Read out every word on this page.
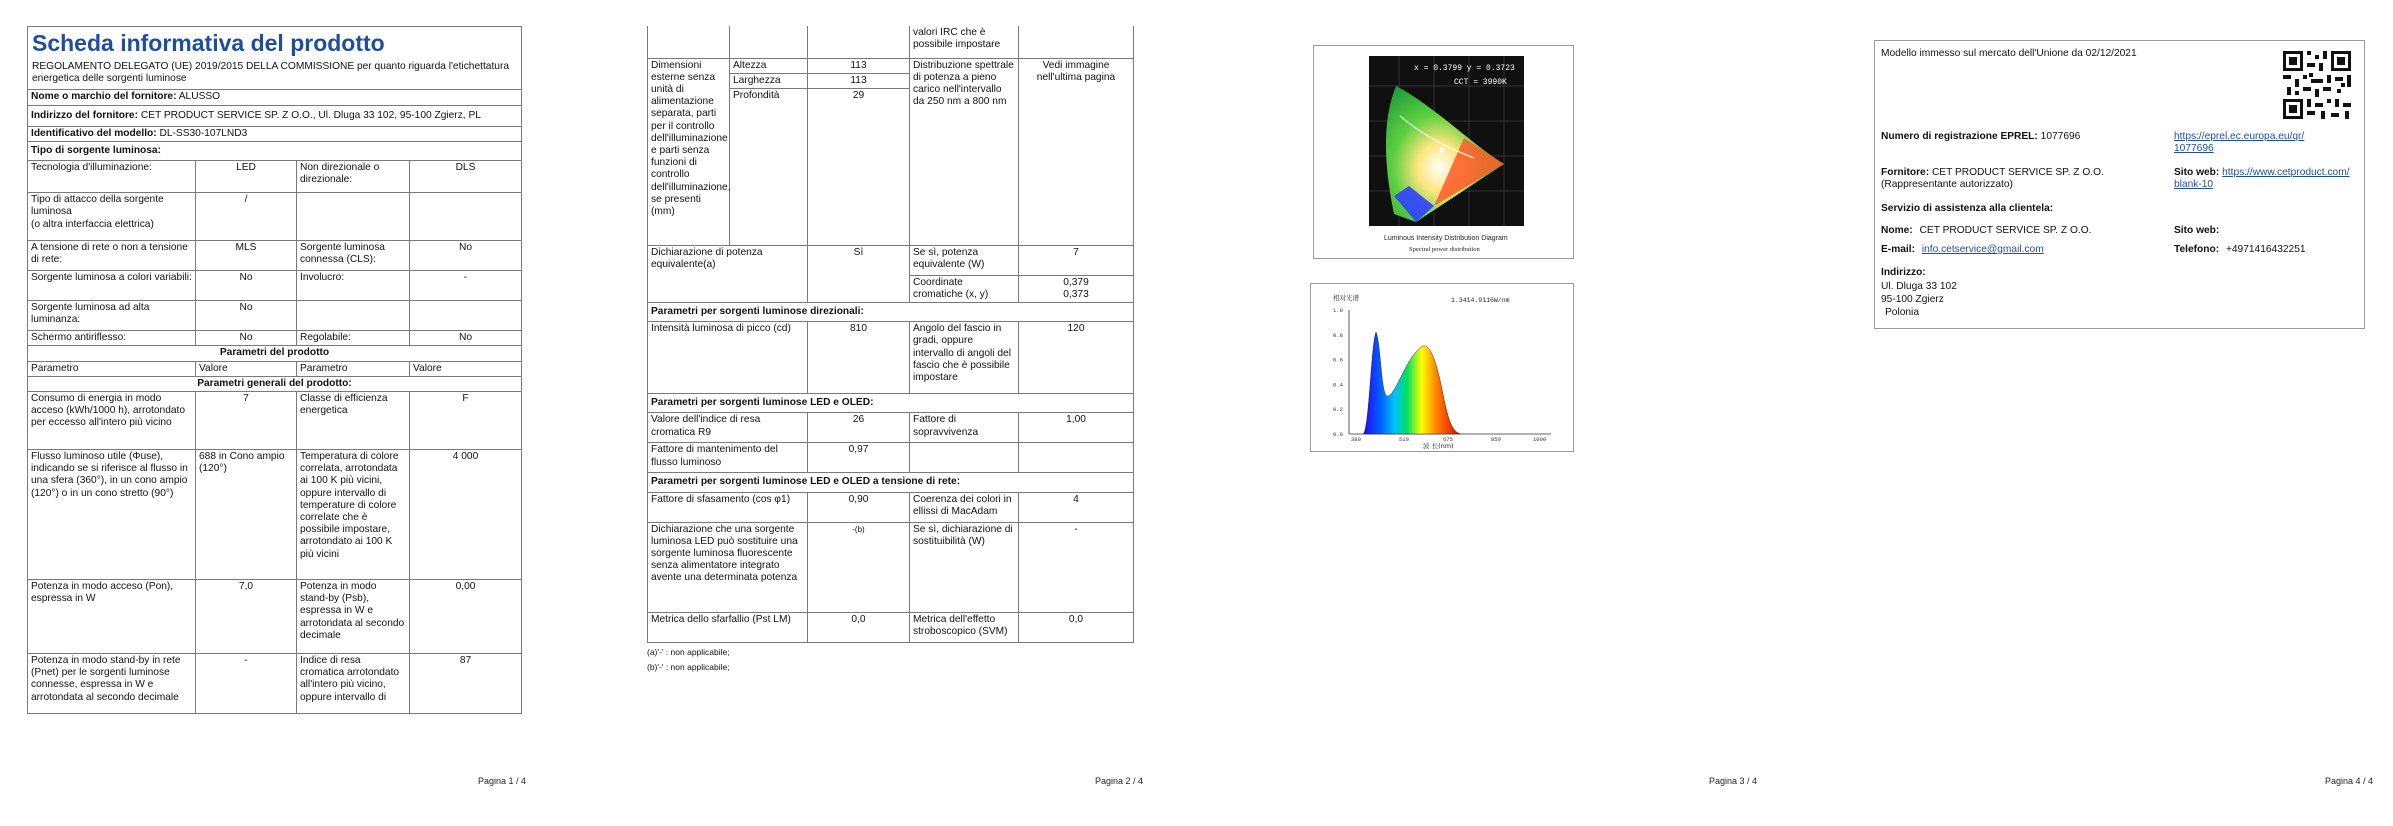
Scheda informativa del prodotto
REGOLAMENTO DELEGATO (UE) 2019/2015 DELLA COMMISSIONE per quanto riguarda l'etichettatura energetica delle sorgenti luminose			

Nome o marchio del fornitore: ALUSSO			
Indirizzo del fornitore: CET PRODUCT SERVICE SP. Z O.O., Ul. Dluga 33 102, 95-100 Zgierz, PL			
Identificativo del modello: DL-SS30-107LND3			
Tipo di sorgente luminosa:			
Tecnologia d'illuminazione:	LED	Non direzionale o direzionale:	DLS
Tipo di attacco della sorgente luminosa
(o altra interfaccia elettrica)	/		
A tensione di rete o non a tensione di rete:	MLS	Sorgente luminosa connessa (CLS):	No
Sorgente luminosa a colori variabili:	No	Involucro:	-
Sorgente luminosa ad alta luminanza:	No		
Schermo antiriflesso:	No	Regolabile:	No
Parametri del prodotto			
Parametro	Valore	Parametro	Valore
Parametri generali del prodotto:			
Consumo di energia in modo acceso (kWh/1000 h), arrotondato per eccesso all'intero più vicino	7	Classe di efficienza energetica	F
Flusso luminoso utile (Φuse), indicando se si riferisce al flusso in una sfera (360°), in un cono ampio (120°) o in un cono stretto (90°)	688 in Cono ampio (120°)	Temperatura di colore correlata, arrotondata ai 100 K più vicini, oppure intervallo di temperature di colore correlate che è possibile impostare, arrotondato ai 100 K più vicini	4 000
Potenza in modo acceso (Pon), espressa in W	7,0	Potenza in modo stand-by (Psb), espressa in W e arrotondata al secondo decimale	0,00
Potenza in modo stand-by in rete (Pnet) per le sorgenti luminose connesse, espressa in W e arrotondata al secondo decimale	-	Indice di resa cromatica arrotondato all'intero più vicino, oppure intervallo di	87
Pagina 1 / 4
			valori IRC che è possibile impostare	
Dimensioni esterne senza unità di alimentazione separata, parti per il controllo dell'illuminazione e parti senza funzioni di controllo dell'illuminazione, se presenti (mm)	Altezza	113	Distribuzione spettrale di potenza a pieno carico nell'intervallo da 250 nm a 800 nm	Vedi immagine nell'ultima pagina
	Larghezza	113		
	Profondità	29		
Dichiarazione di potenza equivalente(a)		Sì	Se sì, potenza equivalente (W)	7
			Coordinate cromatiche (x, y)	0,379
0,373

Parametri per sorgenti luminose direzionali:				
Intensità luminosa di picco (cd)		810	Angolo del fascio in gradi, oppure intervallo di angoli del fascio che è possibile impostare	120
Parametri per sorgenti luminose LED e OLED:				
Valore dell'indice di resa cromatica R9		26	Fattore di sopravvivenza	1,00
Fattore di mantenimento del flusso luminoso		0,97		
Parametri per sorgenti luminose LED e OLED a tensione di rete:				
Fattore di sfasamento (cos φ1)		0,90	Coerenza dei colori in ellissi di MacAdam	4
Dichiarazione che una sorgente luminosa LED può sostituire una sorgente luminosa fluorescente senza alimentatore integrato avente una determinata potenza		-(b)	Se sì, dichiarazione di sostituibilità (W)	-
Metrica dello sfarfallio (Pst LM)		0,0	Metrica dell'effetto stroboscopico (SVM)	0,0
(a)'-' : non applicabile;
(b)'-' : non applicabile;
Pagina 2 / 4
x = 0.3799 y = 0.3723
CCT = 3990K
Luminous Intensity Distribution Diagram
Spectral power distribution
相对光谱	1.3414.9116W/nm
1.0
0.8
0.6
0.4
0.2
0.0
380	510	675	850	1000
波 长(nm)
Pagina 3 / 4
Modello immesso sul mercato dell'Unione da 02/12/2021
Numero di registrazione EPREL: 1077696	https://eprel.ec.europa.eu/qr/1077696
Fornitore: CET PRODUCT SERVICE SP. Z O.O. (Rappresentante autorizzato)
Sito web: https://www.cetproduct.com/blank-10
Servizio di assistenza alla clientela:
Nome: CET PRODUCT SERVICE SP. Z O.O.	Sito web:
E-mail: info.cetservice@gmail.com	Telefono: +4971416432251
Indirizzo:
Ul. Dluga 33 102
95-100 Zgierz
Polonia
Pagina 4 / 4
